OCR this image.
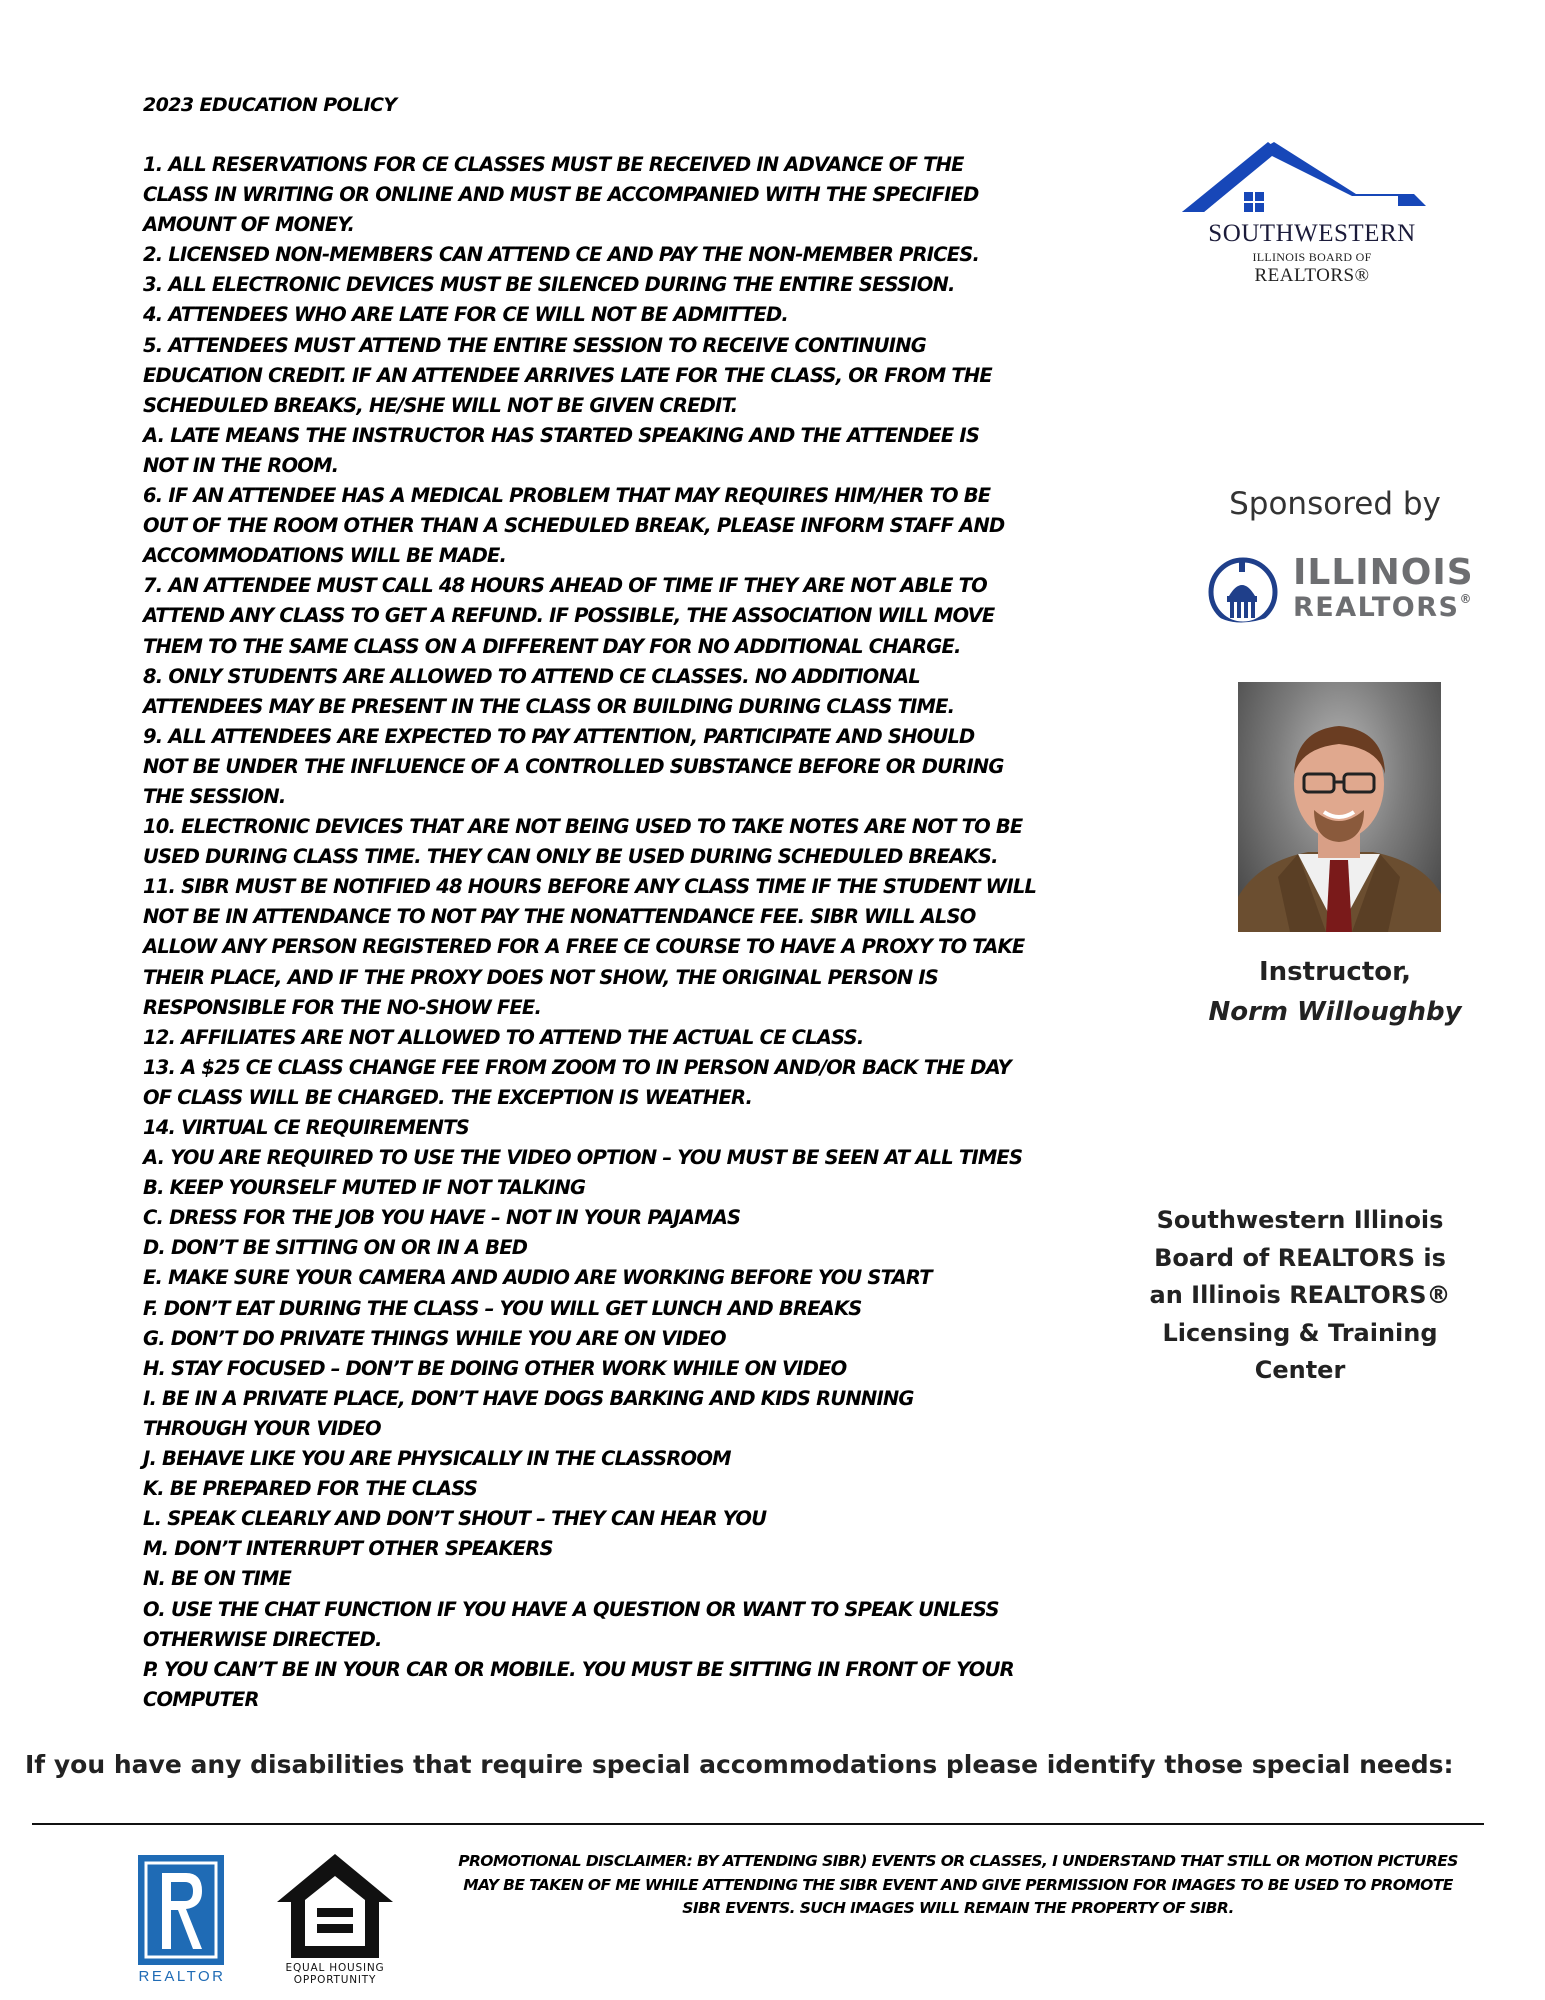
2023 EDUCATION POLICY
1. ALL RESERVATIONS FOR CE CLASSES MUST BE RECEIVED IN ADVANCE OF THE
CLASS IN WRITING OR ONLINE AND MUST BE ACCOMPANIED WITH THE SPECIFIED
AMOUNT OF MONEY.
2. LICENSED NON-MEMBERS CAN ATTEND CE AND PAY THE NON-MEMBER PRICES.
3. ALL ELECTRONIC DEVICES MUST BE SILENCED DURING THE ENTIRE SESSION.
4. ATTENDEES WHO ARE LATE FOR CE WILL NOT BE ADMITTED.
5. ATTENDEES MUST ATTEND THE ENTIRE SESSION TO RECEIVE CONTINUING
EDUCATION CREDIT. IF AN ATTENDEE ARRIVES LATE FOR THE CLASS, OR FROM THE
SCHEDULED BREAKS, HE/SHE WILL NOT BE GIVEN CREDIT.
A. LATE MEANS THE INSTRUCTOR HAS STARTED SPEAKING AND THE ATTENDEE IS
NOT IN THE ROOM.
6. IF AN ATTENDEE HAS A MEDICAL PROBLEM THAT MAY REQUIRES HIM/HER TO BE
OUT OF THE ROOM OTHER THAN A SCHEDULED BREAK, PLEASE INFORM STAFF AND
ACCOMMODATIONS WILL BE MADE.
7. AN ATTENDEE MUST CALL 48 HOURS AHEAD OF TIME IF THEY ARE NOT ABLE TO
ATTEND ANY CLASS TO GET A REFUND. IF POSSIBLE, THE ASSOCIATION WILL MOVE
THEM TO THE SAME CLASS ON A DIFFERENT DAY FOR NO ADDITIONAL CHARGE.
8. ONLY STUDENTS ARE ALLOWED TO ATTEND CE CLASSES. NO ADDITIONAL
ATTENDEES MAY BE PRESENT IN THE CLASS OR BUILDING DURING CLASS TIME.
9. ALL ATTENDEES ARE EXPECTED TO PAY ATTENTION, PARTICIPATE AND SHOULD
NOT BE UNDER THE INFLUENCE OF A CONTROLLED SUBSTANCE BEFORE OR DURING
THE SESSION.
10. ELECTRONIC DEVICES THAT ARE NOT BEING USED TO TAKE NOTES ARE NOT TO BE
USED DURING CLASS TIME. THEY CAN ONLY BE USED DURING SCHEDULED BREAKS.
11. SIBR MUST BE NOTIFIED 48 HOURS BEFORE ANY CLASS TIME IF THE STUDENT WILL
NOT BE IN ATTENDANCE TO NOT PAY THE NONATTENDANCE FEE. SIBR WILL ALSO
ALLOW ANY PERSON REGISTERED FOR A FREE CE COURSE TO HAVE A PROXY TO TAKE
THEIR PLACE, AND IF THE PROXY DOES NOT SHOW, THE ORIGINAL PERSON IS
RESPONSIBLE FOR THE NO-SHOW FEE.
12. AFFILIATES ARE NOT ALLOWED TO ATTEND THE ACTUAL CE CLASS.
13. A $25 CE CLASS CHANGE FEE FROM ZOOM TO IN PERSON AND/OR BACK THE DAY
OF CLASS WILL BE CHARGED. THE EXCEPTION IS WEATHER.
14. VIRTUAL CE REQUIREMENTS
A. YOU ARE REQUIRED TO USE THE VIDEO OPTION – YOU MUST BE SEEN AT ALL TIMES
B. KEEP YOURSELF MUTED IF NOT TALKING
C. DRESS FOR THE JOB YOU HAVE – NOT IN YOUR PAJAMAS
D. DON’T BE SITTING ON OR IN A BED
E. MAKE SURE YOUR CAMERA AND AUDIO ARE WORKING BEFORE YOU START
F. DON’T EAT DURING THE CLASS – YOU WILL GET LUNCH AND BREAKS
G. DON’T DO PRIVATE THINGS WHILE YOU ARE ON VIDEO
H. STAY FOCUSED – DON’T BE DOING OTHER WORK WHILE ON VIDEO
I. BE IN A PRIVATE PLACE, DON’T HAVE DOGS BARKING AND KIDS RUNNING
THROUGH YOUR VIDEO
J. BEHAVE LIKE YOU ARE PHYSICALLY IN THE CLASSROOM
K. BE PREPARED FOR THE CLASS
L. SPEAK CLEARLY AND DON’T SHOUT – THEY CAN HEAR YOU
M. DON’T INTERRUPT OTHER SPEAKERS
N. BE ON TIME
O. USE THE CHAT FUNCTION IF YOU HAVE A QUESTION OR WANT TO SPEAK UNLESS
OTHERWISE DIRECTED.
P. YOU CAN’T BE IN YOUR CAR OR MOBILE. YOU MUST BE SITTING IN FRONT OF YOUR
COMPUTER
SOUTHWESTERN
ILLINOIS BOARD OF
REALTORS®
Sponsored by
ILLINOIS
REALTORS®
Instructor,
Norm Willoughby
Southwestern Illinois
Board of REALTORS is
an Illinois REALTORS®
Licensing & Training
Center
If you have any disabilities that require special accommodations please identify those special needs:
REALTOR	EQUAL HOUSING
OPPORTUNITY
PROMOTIONAL DISCLAIMER: BY ATTENDING SIBR) EVENTS OR CLASSES, I UNDERSTAND THAT STILL OR MOTION PICTURES
MAY BE TAKEN OF ME WHILE ATTENDING THE SIBR EVENT AND GIVE PERMISSION FOR IMAGES TO BE USED TO PROMOTE
SIBR EVENTS. SUCH IMAGES WILL REMAIN THE PROPERTY OF SIBR.
